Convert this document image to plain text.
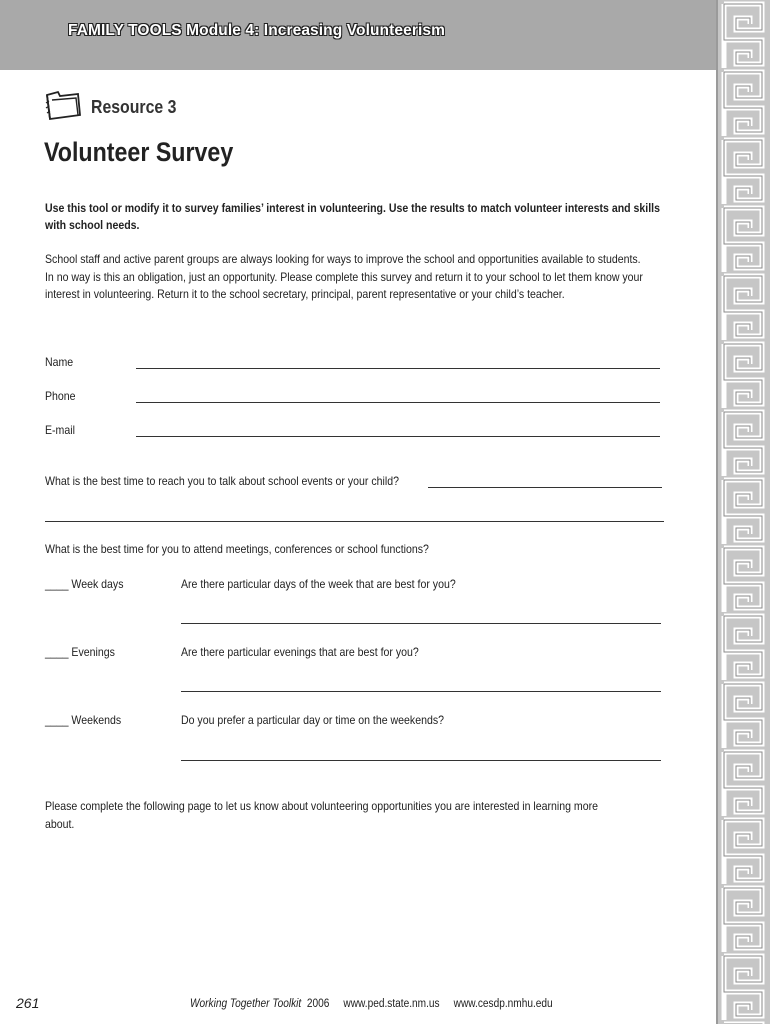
FAMILY TOOLS Module 4: Increasing Volunteerism
Resource 3
Volunteer Survey
Use this tool or modify it to survey families’ interest in volunteering. Use the results to match volunteer interests and skills with school needs.
School staff and active parent groups are always looking for ways to improve the school and opportunities available to students. In no way is this an obligation, just an opportunity. Please complete this survey and return it to your school to let them know your interest in volunteering. Return it to the school secretary, principal, parent representative or your child’s teacher.
Name
Phone
E-mail
What is the best time to reach you to talk about school events or your child?
What is the best time for you to attend meetings, conferences or school functions?
____ Week days	Are there particular days of the week that are best for you?
____ Evenings	Are there particular evenings that are best for you?
____ Weekends	Do you prefer a particular day or time on the weekends?
Please complete the following page to let us know about volunteering opportunities you are interested in learning more about.
261	Working Together Toolkit 2006 www.ped.state.nm.us www.cesdp.nmhu.edu
